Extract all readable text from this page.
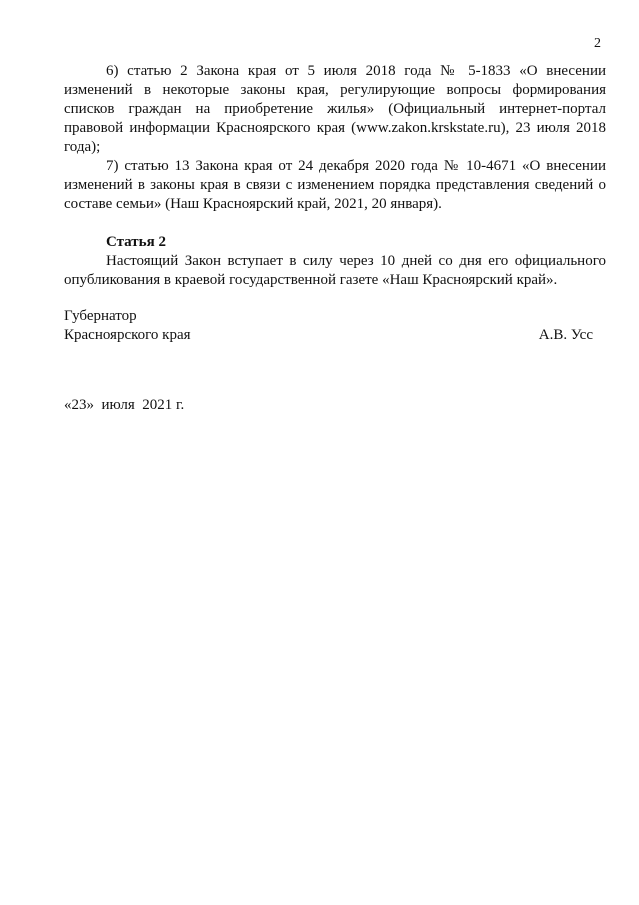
2

6) статью 2 Закона края от 5 июля 2018 года № 5-1833 «О внесении изменений в некоторые законы края, регулирующие вопросы формирования списков граждан на приобретение жилья» (Официальный интернет-портал правовой информации Красноярского края (www.zakon.krskstate.ru), 23 июля 2018 года);

7) статью 13 Закона края от 24 декабря 2020 года № 10-4671 «О внесении изменений в законы края в связи с изменением порядка представления сведений о составе семьи» (Наш Красноярский край, 2021, 20 января).

Статья 2

Настоящий Закон вступает в силу через 10 дней со дня его официального опубликования в краевой государственной газете «Наш Красноярский край».

Губернатор
Красноярского края	А.В. Усс
«23»  июля  2021 г.
